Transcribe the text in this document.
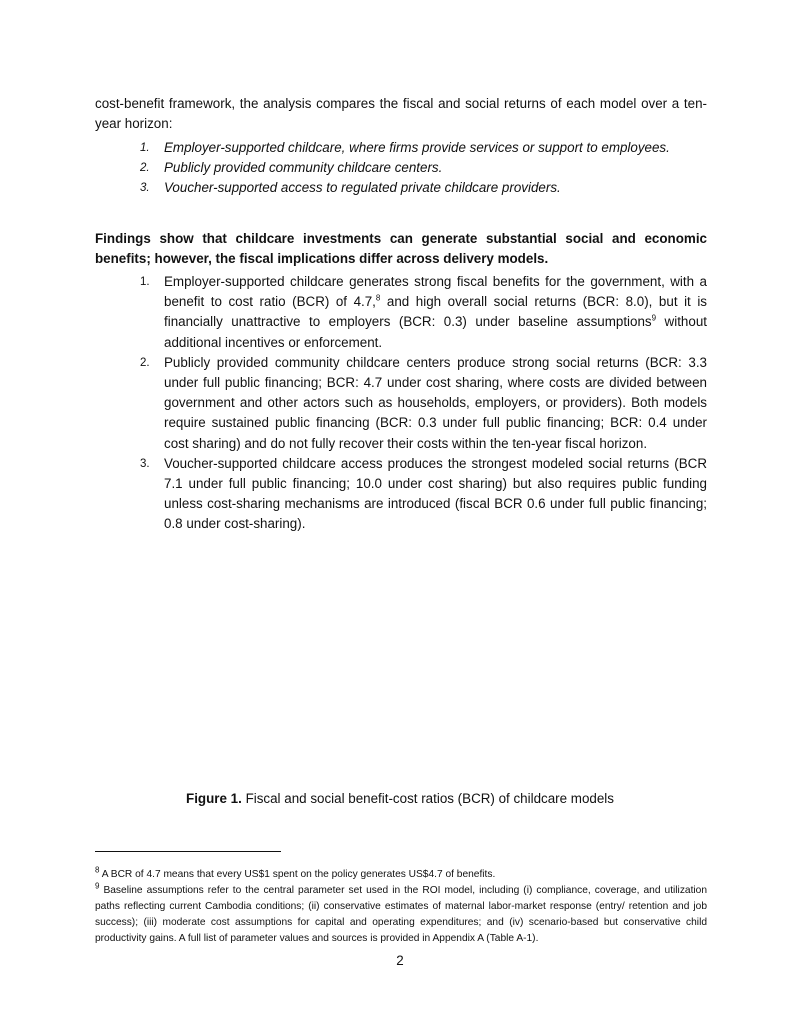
cost-benefit framework, the analysis compares the fiscal and social returns of each model over a ten-year horizon:

1. Employer-supported childcare, where firms provide services or support to employees.
2. Publicly provided community childcare centers.
3. Voucher-supported access to regulated private childcare providers.

Findings show that childcare investments can generate substantial social and economic benefits; however, the fiscal implications differ across delivery models.

1. Employer-supported childcare generates strong fiscal benefits for the government, with a benefit to cost ratio (BCR) of 4.7,$^8$ and high overall social returns (BCR: 8.0), but it is financially unattractive to employers (BCR: 0.3) under baseline assumptions$^9$ without additional incentives or enforcement.
2. Publicly provided community childcare centers produce strong social returns (BCR: 3.3 under full public financing; BCR: 4.7 under cost sharing, where costs are divided between government and other actors such as households, employers, or providers). Both models require sustained public financing (BCR: 0.3 under full public financing; BCR: 0.4 under cost sharing) and do not fully recover their costs within the ten-year fiscal horizon.
3. Voucher-supported childcare access produces the strongest modeled social returns (BCR 7.1 under full public financing; 10.0 under cost sharing) but also requires public funding unless cost-sharing mechanisms are introduced (fiscal BCR 0.6 under full public financing; 0.8 under cost-sharing).
Figure 1. Fiscal and social benefit-cost ratios (BCR) of childcare models

$^8$ A BCR of 4.7 means that every US$1 spent on the policy generates US$4.7 of benefits.

$^9$ Baseline assumptions refer to the central parameter set used in the ROI model, including (i) compliance, coverage, and utilization paths reflecting current Cambodia conditions; (ii) conservative estimates of maternal labor-market response (entry/ retention and job success); (iii) moderate cost assumptions for capital and operating expenditures; and (iv) scenario-based but conservative child productivity gains. A full list of parameter values and sources is provided in Appendix A (Table A-1).

2
